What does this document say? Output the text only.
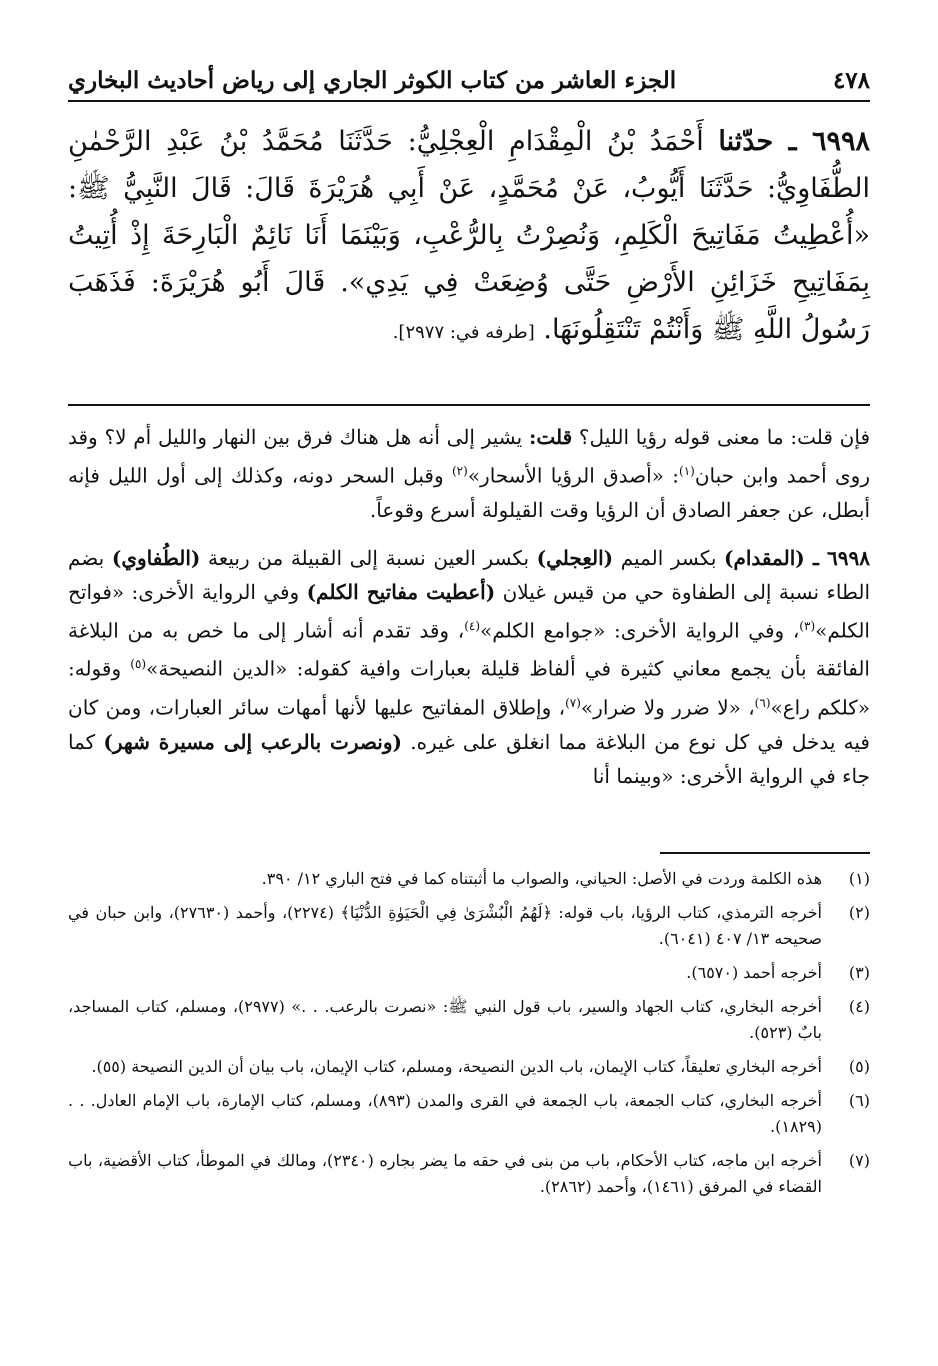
٤٧٨
الجزء العاشر من كتاب الكوثر الجاري إلى رياض أحاديث البخاري
٦٩٩٨ ـ حدّثنا أَحْمَدُ بْنُ الْمِقْدَامِ الْعِجْلِيُّ: حَدَّثَنَا مُحَمَّدُ بْنُ عَبْدِ الرَّحْمٰنِ الطُّفَاوِيُّ: حَدَّثَنَا أَيُّوبُ، عَنْ مُحَمَّدٍ، عَنْ أَبِي هُرَيْرَةَ قَالَ: قَالَ النَّبِيُّ ﷺ: «أُعْطِيتُ مَفَاتِيحَ الْكَلِمِ، وَنُصِرْتُ بِالرُّعْبِ، وَبَيْنَمَا أَنَا نَائِمٌ الْبَارِحَةَ إِذْ أُتِيتُ بِمَفَاتِيحِ خَزَائِنِ الأَرْضِ حَتَّى وُضِعَتْ فِي يَدِي». قَالَ أَبُو هُرَيْرَةَ: فَذَهَبَ رَسُولُ اللَّهِ ﷺ وَأَنْتُمْ تَنْتَقِلُونَهَا. [طرفه في: ٢٩٧٧].

فإن قلت: ما معنى قوله رؤيا الليل؟ قلت: يشير إلى أنه هل هناك فرق بين النهار والليل أم لا؟ وقد روى أحمد وابن حبان$^{(١)}$: «أصدق الرؤيا الأسحار»$^{(٢)}$ وقبل السحر دونه، وكذلك إلى أول الليل فإنه أبطل، عن جعفر الصادق أن الرؤيا وقت القيلولة أسرع وقوعاً.

٦٩٩٨ ـ (المقدام) بكسر الميم (العِجلي) بكسر العين نسبة إلى القبيلة من ربيعة (الطُفاوي) بضم الطاء نسبة إلى الطفاوة حي من قيس غيلان (أعطيت مفاتيح الكلم) وفي الرواية الأخرى: «فواتح الكلم»$^{(٣)}$، وفي الرواية الأخرى: «جوامع الكلم»$^{(٤)}$، وقد تقدم أنه أشار إلى ما خص به من البلاغة الفائقة بأن يجمع معاني كثيرة في ألفاظ قليلة بعبارات وافية كقوله: «الدين النصيحة»$^{(٥)}$ وقوله: «كلكم راع»$^{(٦)}$، «لا ضرر ولا ضرار»$^{(٧)}$، وإطلاق المفاتيح عليها لأنها أمهات سائر العبارات، ومن كان فيه يدخل في كل نوع من البلاغة مما انغلق على غيره. (ونصرت بالرعب إلى مسيرة شهر) كما جاء في الرواية الأخرى: «وبينما أنا

(١)
هذه الكلمة وردت في الأصل: الحياني، والصواب ما أثبتناه كما في فتح الباري ١٢/ ٣٩٠.
(٢)
أخرجه الترمذي، كتاب الرؤيا، باب قوله: ﴿لَهُمُ الْبُشْرَىٰ فِي الْحَيَوٰةِ الدُّنْيَا﴾ (٢٢٧٤)، وأحمد (٢٧٦٣٠)، وابن حبان في صحيحه ١٣/ ٤٠٧ (٦٠٤١).
(٣)
أخرجه أحمد (٦٥٧٠).
(٤)
أخرجه البخاري، كتاب الجهاد والسير، باب قول النبي ﷺ: «نصرت بالرعب. . .» (٢٩٧٧)، ومسلم، كتاب المساجد، بابٌ (٥٢٣).
(٥)
أخرجه البخاري تعليقاً، كتاب الإيمان، باب الدين النصيحة، ومسلم، كتاب الإيمان، باب بيان أن الدين النصيحة (٥٥).
(٦)
أخرجه البخاري، كتاب الجمعة، باب الجمعة في القرى والمدن (٨٩٣)، ومسلم، كتاب الإمارة، باب الإمام العادل. . . (١٨٢٩).
(٧)
أخرجه ابن ماجه، كتاب الأحكام، باب من بنى في حقه ما يضر بجاره (٢٣٤٠)، ومالك في الموطأ، كتاب الأقضية، باب القضاء في المرفق (١٤٦١)، وأحمد (٢٨٦٢).
